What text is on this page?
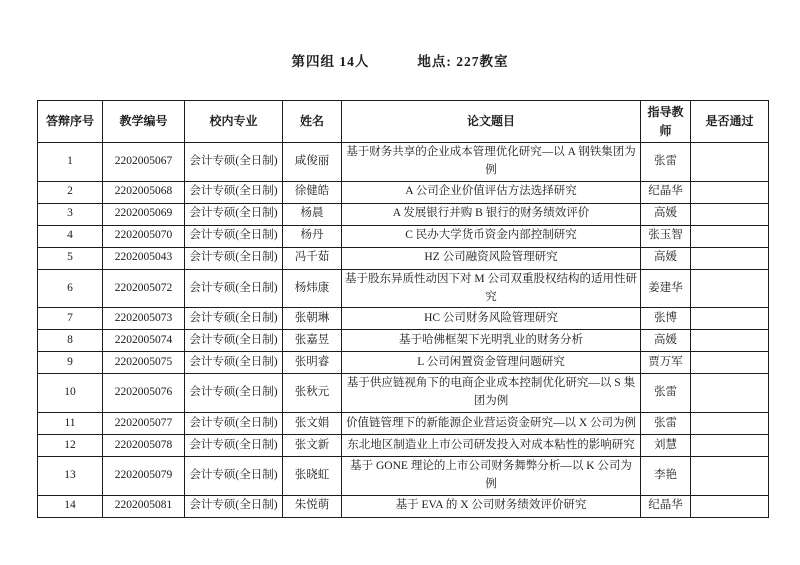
第四组 14人	地点: 227教室
答辩序号	教学编号	校内专业	姓名	论文题目	指导教师	是否通过
1	2202005067	会计专硕(全日制)	咸俊丽	基于财务共享的企业成本管理优化研究—以 A 钢铁集团为例	张雷	
2	2202005068	会计专硕(全日制)	徐健皓	A 公司企业价值评估方法选择研究	纪晶华	
3	2202005069	会计专硕(全日制)	杨晨	A 发展银行并购 B 银行的财务绩效评价	高媛	
4	2202005070	会计专硕(全日制)	杨丹	C 民办大学货币资金内部控制研究	张玉智	
5	2202005043	会计专硕(全日制)	冯千茹	HZ 公司融资风险管理研究	高媛	
6	2202005072	会计专硕(全日制)	杨炜康	基于股东异质性动因下对 M 公司双重股权结构的适用性研究	姜建华	
7	2202005073	会计专硕(全日制)	张朝琳	HC 公司财务风险管理研究	张博	
8	2202005074	会计专硕(全日制)	张嘉昱	基于哈佛框架下光明乳业的财务分析	高媛	
9	2202005075	会计专硕(全日制)	张明睿	L 公司闲置资金管理问题研究	贾万军	
10	2202005076	会计专硕(全日制)	张秋元	基于供应链视角下的电商企业成本控制优化研究—以 S 集团为例	张雷	
11	2202005077	会计专硕(全日制)	张文娟	价值链管理下的新能源企业营运资金研究—以 X 公司为例	张雷	
12	2202005078	会计专硕(全日制)	张文新	东北地区制造业上市公司研发投入对成本粘性的影响研究	刘慧	
13	2202005079	会计专硕(全日制)	张晓虹	基于 GONE 理论的上市公司财务舞弊分析—以 K 公司为例	李艳	
14	2202005081	会计专硕(全日制)	朱悦萌	基于 EVA 的 X 公司财务绩效评价研究	纪晶华	
